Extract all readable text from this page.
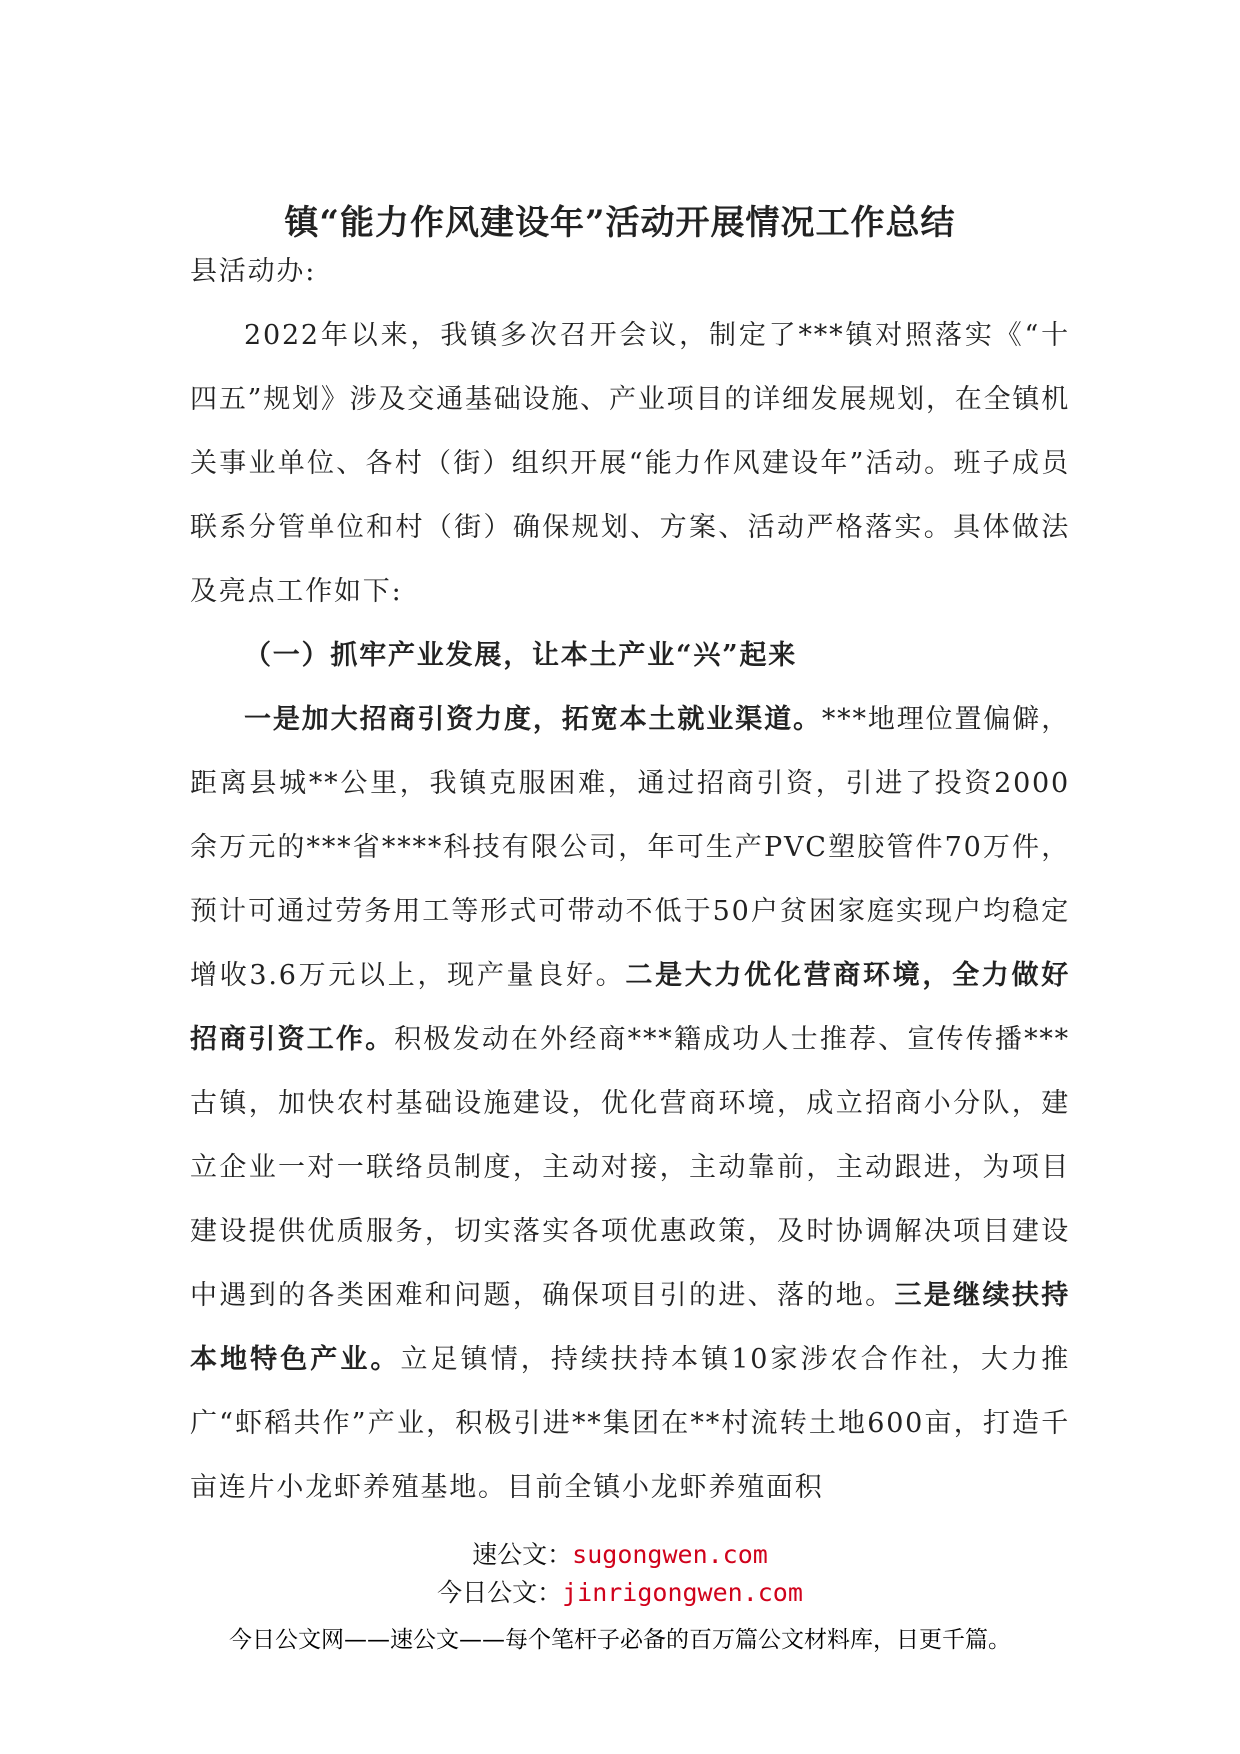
镇“能力作风建设年”活动开展情况工作总结

县活动办:

2022年以来，我镇多次召开会议，制定了***镇对照落实《“十四五”规划》涉及交通基础设施、产业项目的详细发展规划，在全镇机关事业单位、各村（街）组织开展“能力作风建设年”活动。班子成员联系分管单位和村（街）确保规划、方案、活动严格落实。具体做法及亮点工作如下:

（一）抓牢产业发展，让本土产业“兴”起来

一是加大招商引资力度，拓宽本土就业渠道。***地理位置偏僻，距离县城**公里，我镇克服困难，通过招商引资，引进了投资2000余万元的***省****科技有限公司，年可生产PVC塑胶管件70万件，预计可通过劳务用工等形式可带动不低于50户贫困家庭实现户均稳定增收3.6万元以上，现产量良好。二是大力优化营商环境，全力做好招商引资工作。积极发动在外经商***籍成功人士推荐、宣传传播***古镇，加快农村基础设施建设，优化营商环境，成立招商小分队，建立企业一对一联络员制度，主动对接，主动靠前，主动跟进，为项目建设提供优质服务，切实落实各项优惠政策，及时协调解决项目建设中遇到的各类困难和问题，确保项目引的进、落的地。三是继续扶持本地特色产业。立足镇情，持续扶持本镇10家涉农合作社，大力推广“虾稻共作”产业，积极引进**集团在**村流转土地600亩，打造千亩连片小龙虾养殖基地。目前全镇小龙虾养殖面积

速公文：sugongwen.com
今日公文：jinrigongwen.com
今日公文网——速公文——每个笔杆子必备的百万篇公文材料库，日更千篇。
